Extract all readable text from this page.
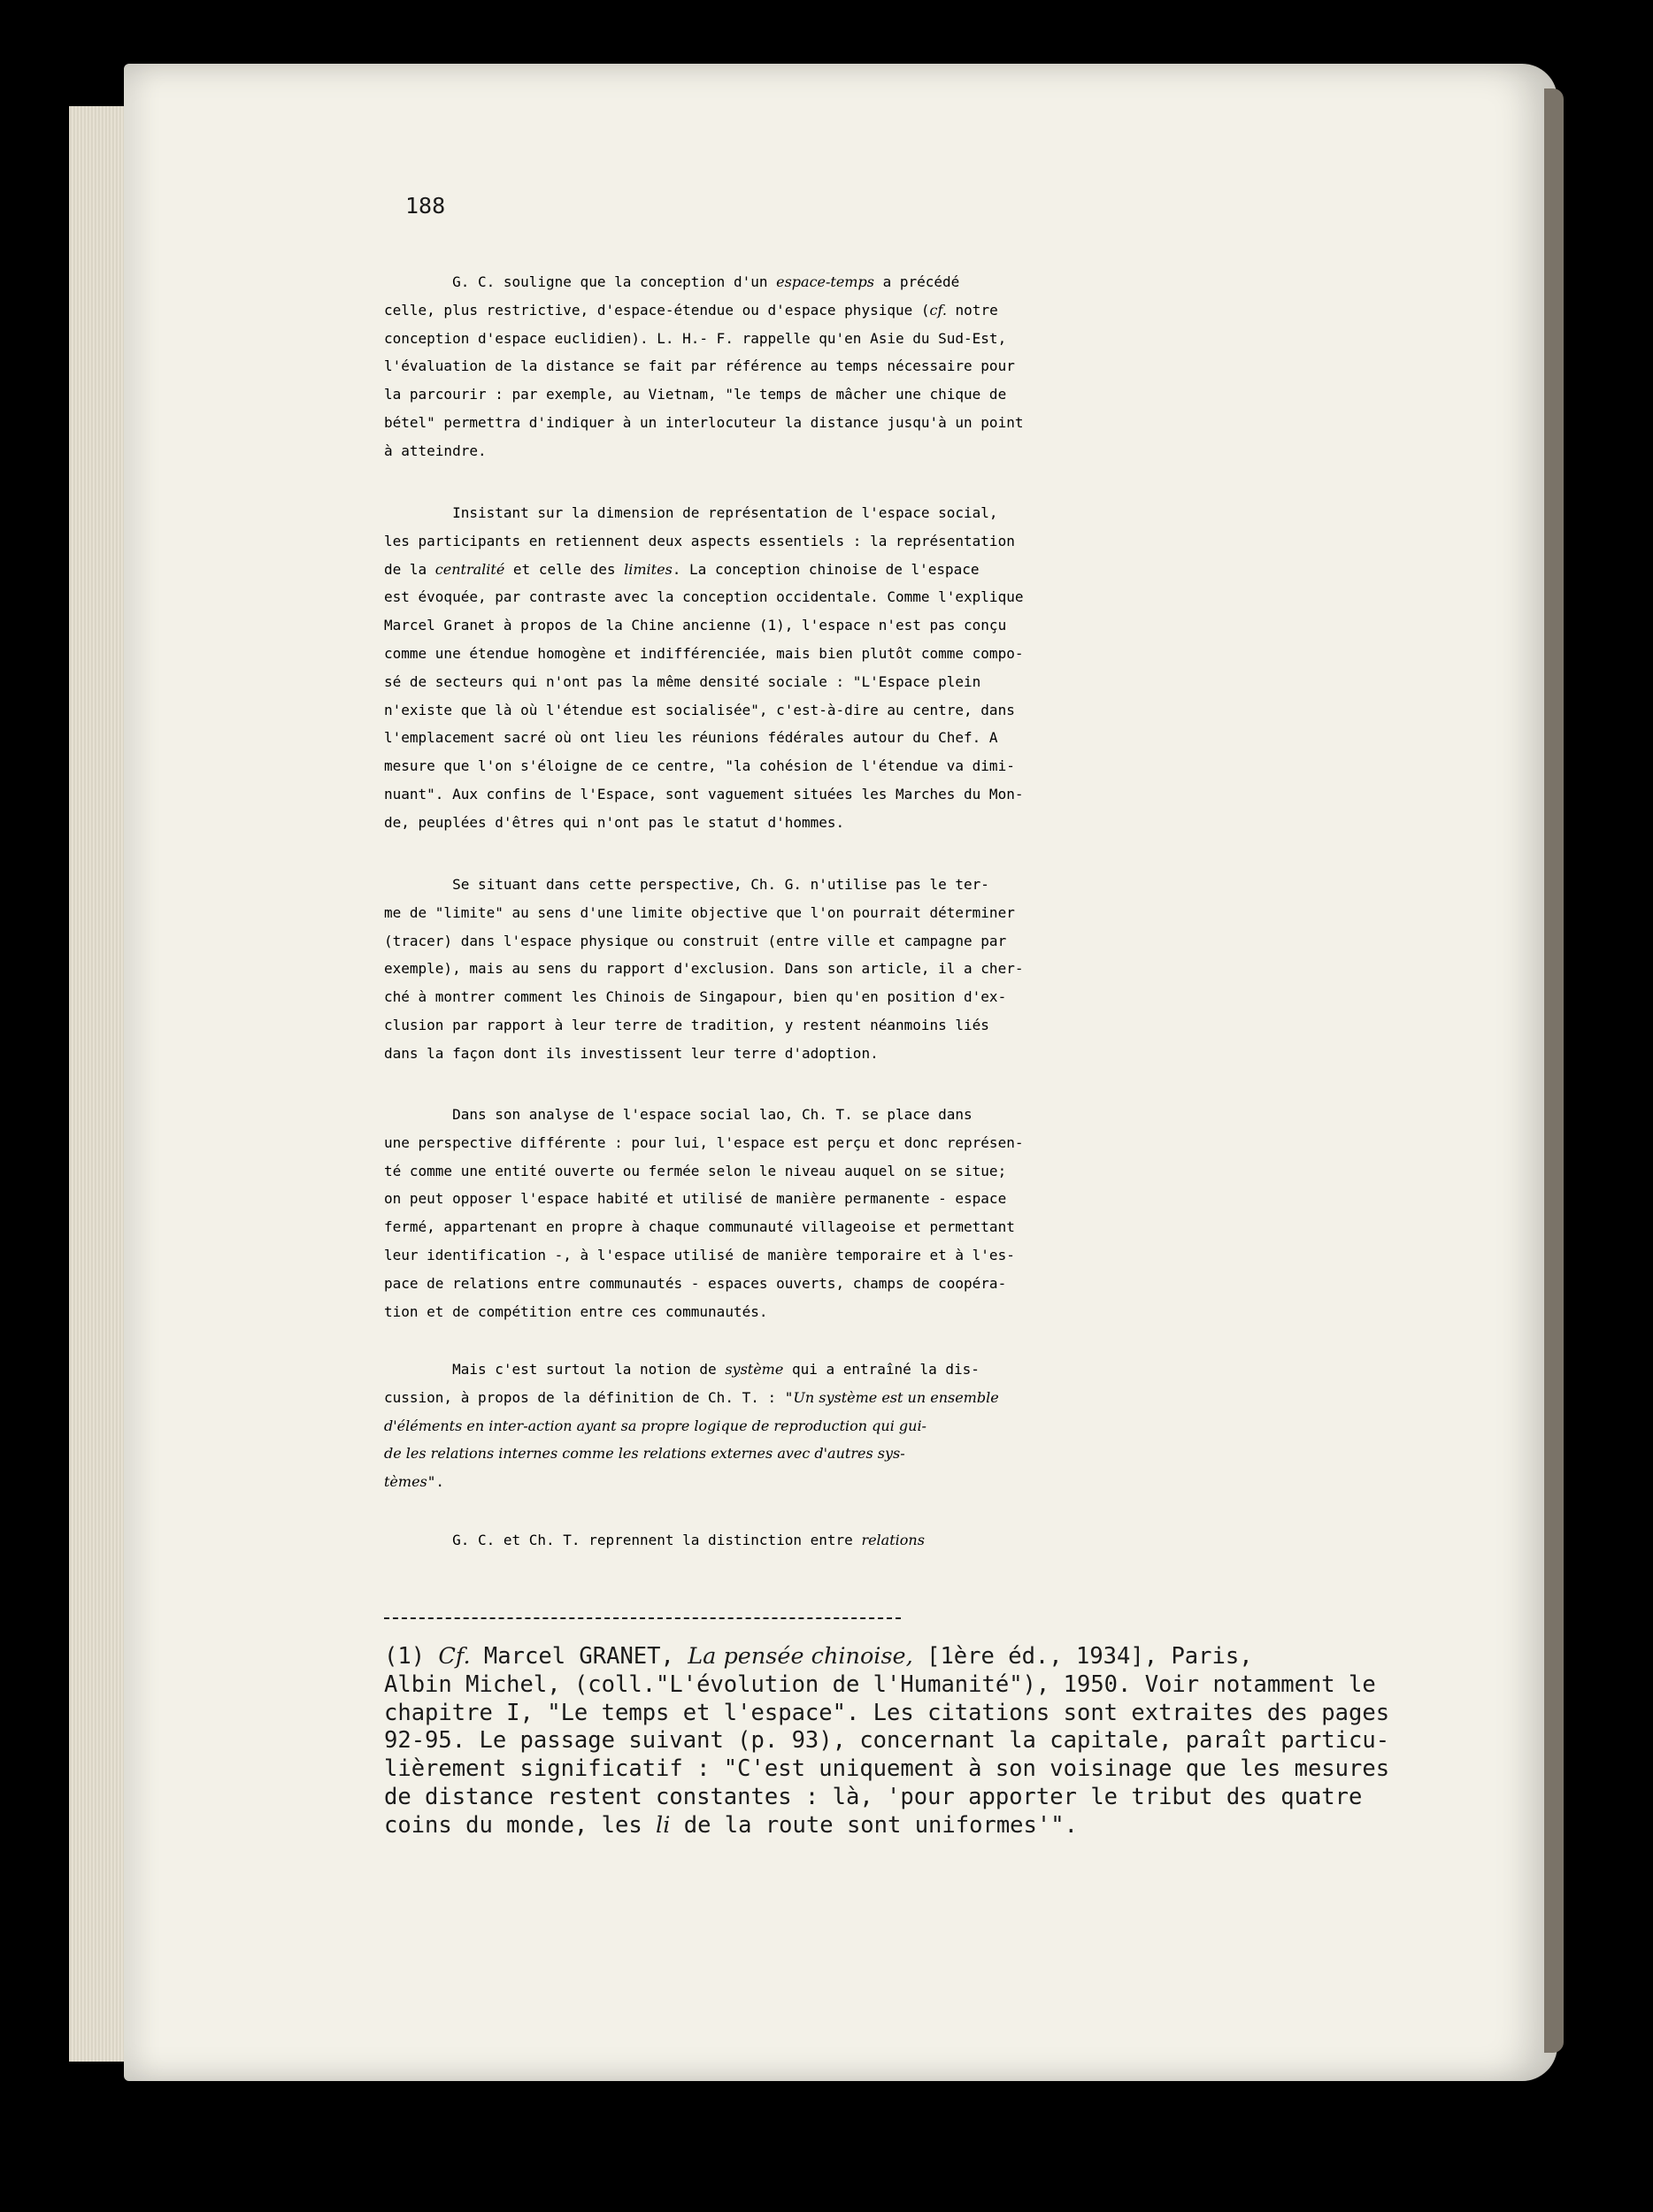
188
G. C. souligne que la conception d'un espace-temps a précédé
celle, plus restrictive, d'espace-étendue ou d'espace physique (cf. notre
conception d'espace euclidien). L. H.- F. rappelle qu'en Asie du Sud-Est,
l'évaluation de la distance se fait par référence au temps nécessaire pour
la parcourir : par exemple, au Vietnam, "le temps de mâcher une chique de
bétel" permettra d'indiquer à un interlocuteur la distance jusqu'à un point
à atteindre.
Insistant sur la dimension de représentation de l'espace social,
les participants en retiennent deux aspects essentiels : la représentation
de la centralité et celle des limites. La conception chinoise de l'espace
est évoquée, par contraste avec la conception occidentale. Comme l'explique
Marcel Granet à propos de la Chine ancienne (1), l'espace n'est pas conçu
comme une étendue homogène et indifférenciée, mais bien plutôt comme compo-
sé de secteurs qui n'ont pas la même densité sociale : "L'Espace plein
n'existe que là où l'étendue est socialisée", c'est-à-dire au centre, dans
l'emplacement sacré où ont lieu les réunions fédérales autour du Chef. A
mesure que l'on s'éloigne de ce centre, "la cohésion de l'étendue va dimi-
nuant". Aux confins de l'Espace, sont vaguement situées les Marches du Mon-
de, peuplées d'êtres qui n'ont pas le statut d'hommes.
Se situant dans cette perspective, Ch. G. n'utilise pas le ter-
me de "limite" au sens d'une limite objective que l'on pourrait déterminer
(tracer) dans l'espace physique ou construit (entre ville et campagne par
exemple), mais au sens du rapport d'exclusion. Dans son article, il a cher-
ché à montrer comment les Chinois de Singapour, bien qu'en position d'ex-
clusion par rapport à leur terre de tradition, y restent néanmoins liés
dans la façon dont ils investissent leur terre d'adoption.
Dans son analyse de l'espace social lao, Ch. T. se place dans
une perspective différente : pour lui, l'espace est perçu et donc représen-
té comme une entité ouverte ou fermée selon le niveau auquel on se situe;
on peut opposer l'espace habité et utilisé de manière permanente - espace
fermé, appartenant en propre à chaque communauté villageoise et permettant
leur identification -, à l'espace utilisé de manière temporaire et à l'es-
pace de relations entre communautés - espaces ouverts, champs de coopéra-
tion et de compétition entre ces communautés.
Mais c'est surtout la notion de système qui a entraîné la dis-
cussion, à propos de la définition de Ch. T. : "Un système est un ensemble
d'éléments en inter-action ayant sa propre logique de reproduction qui gui-
de les relations internes comme les relations externes avec d'autres sys-
tèmes".
G. C. et Ch. T. reprennent la distinction entre relations
(1) Cf. Marcel GRANET, La pensée chinoise, [1ère éd., 1934], Paris,
Albin Michel, (coll."L'évolution de l'Humanité"), 1950. Voir notamment le
chapitre I, "Le temps et l'espace". Les citations sont extraites des pages
92-95. Le passage suivant (p. 93), concernant la capitale, paraît particu-
lièrement significatif : "C'est uniquement à son voisinage que les mesures
de distance restent constantes : là, 'pour apporter le tribut des quatre
coins du monde, les li de la route sont uniformes'".
